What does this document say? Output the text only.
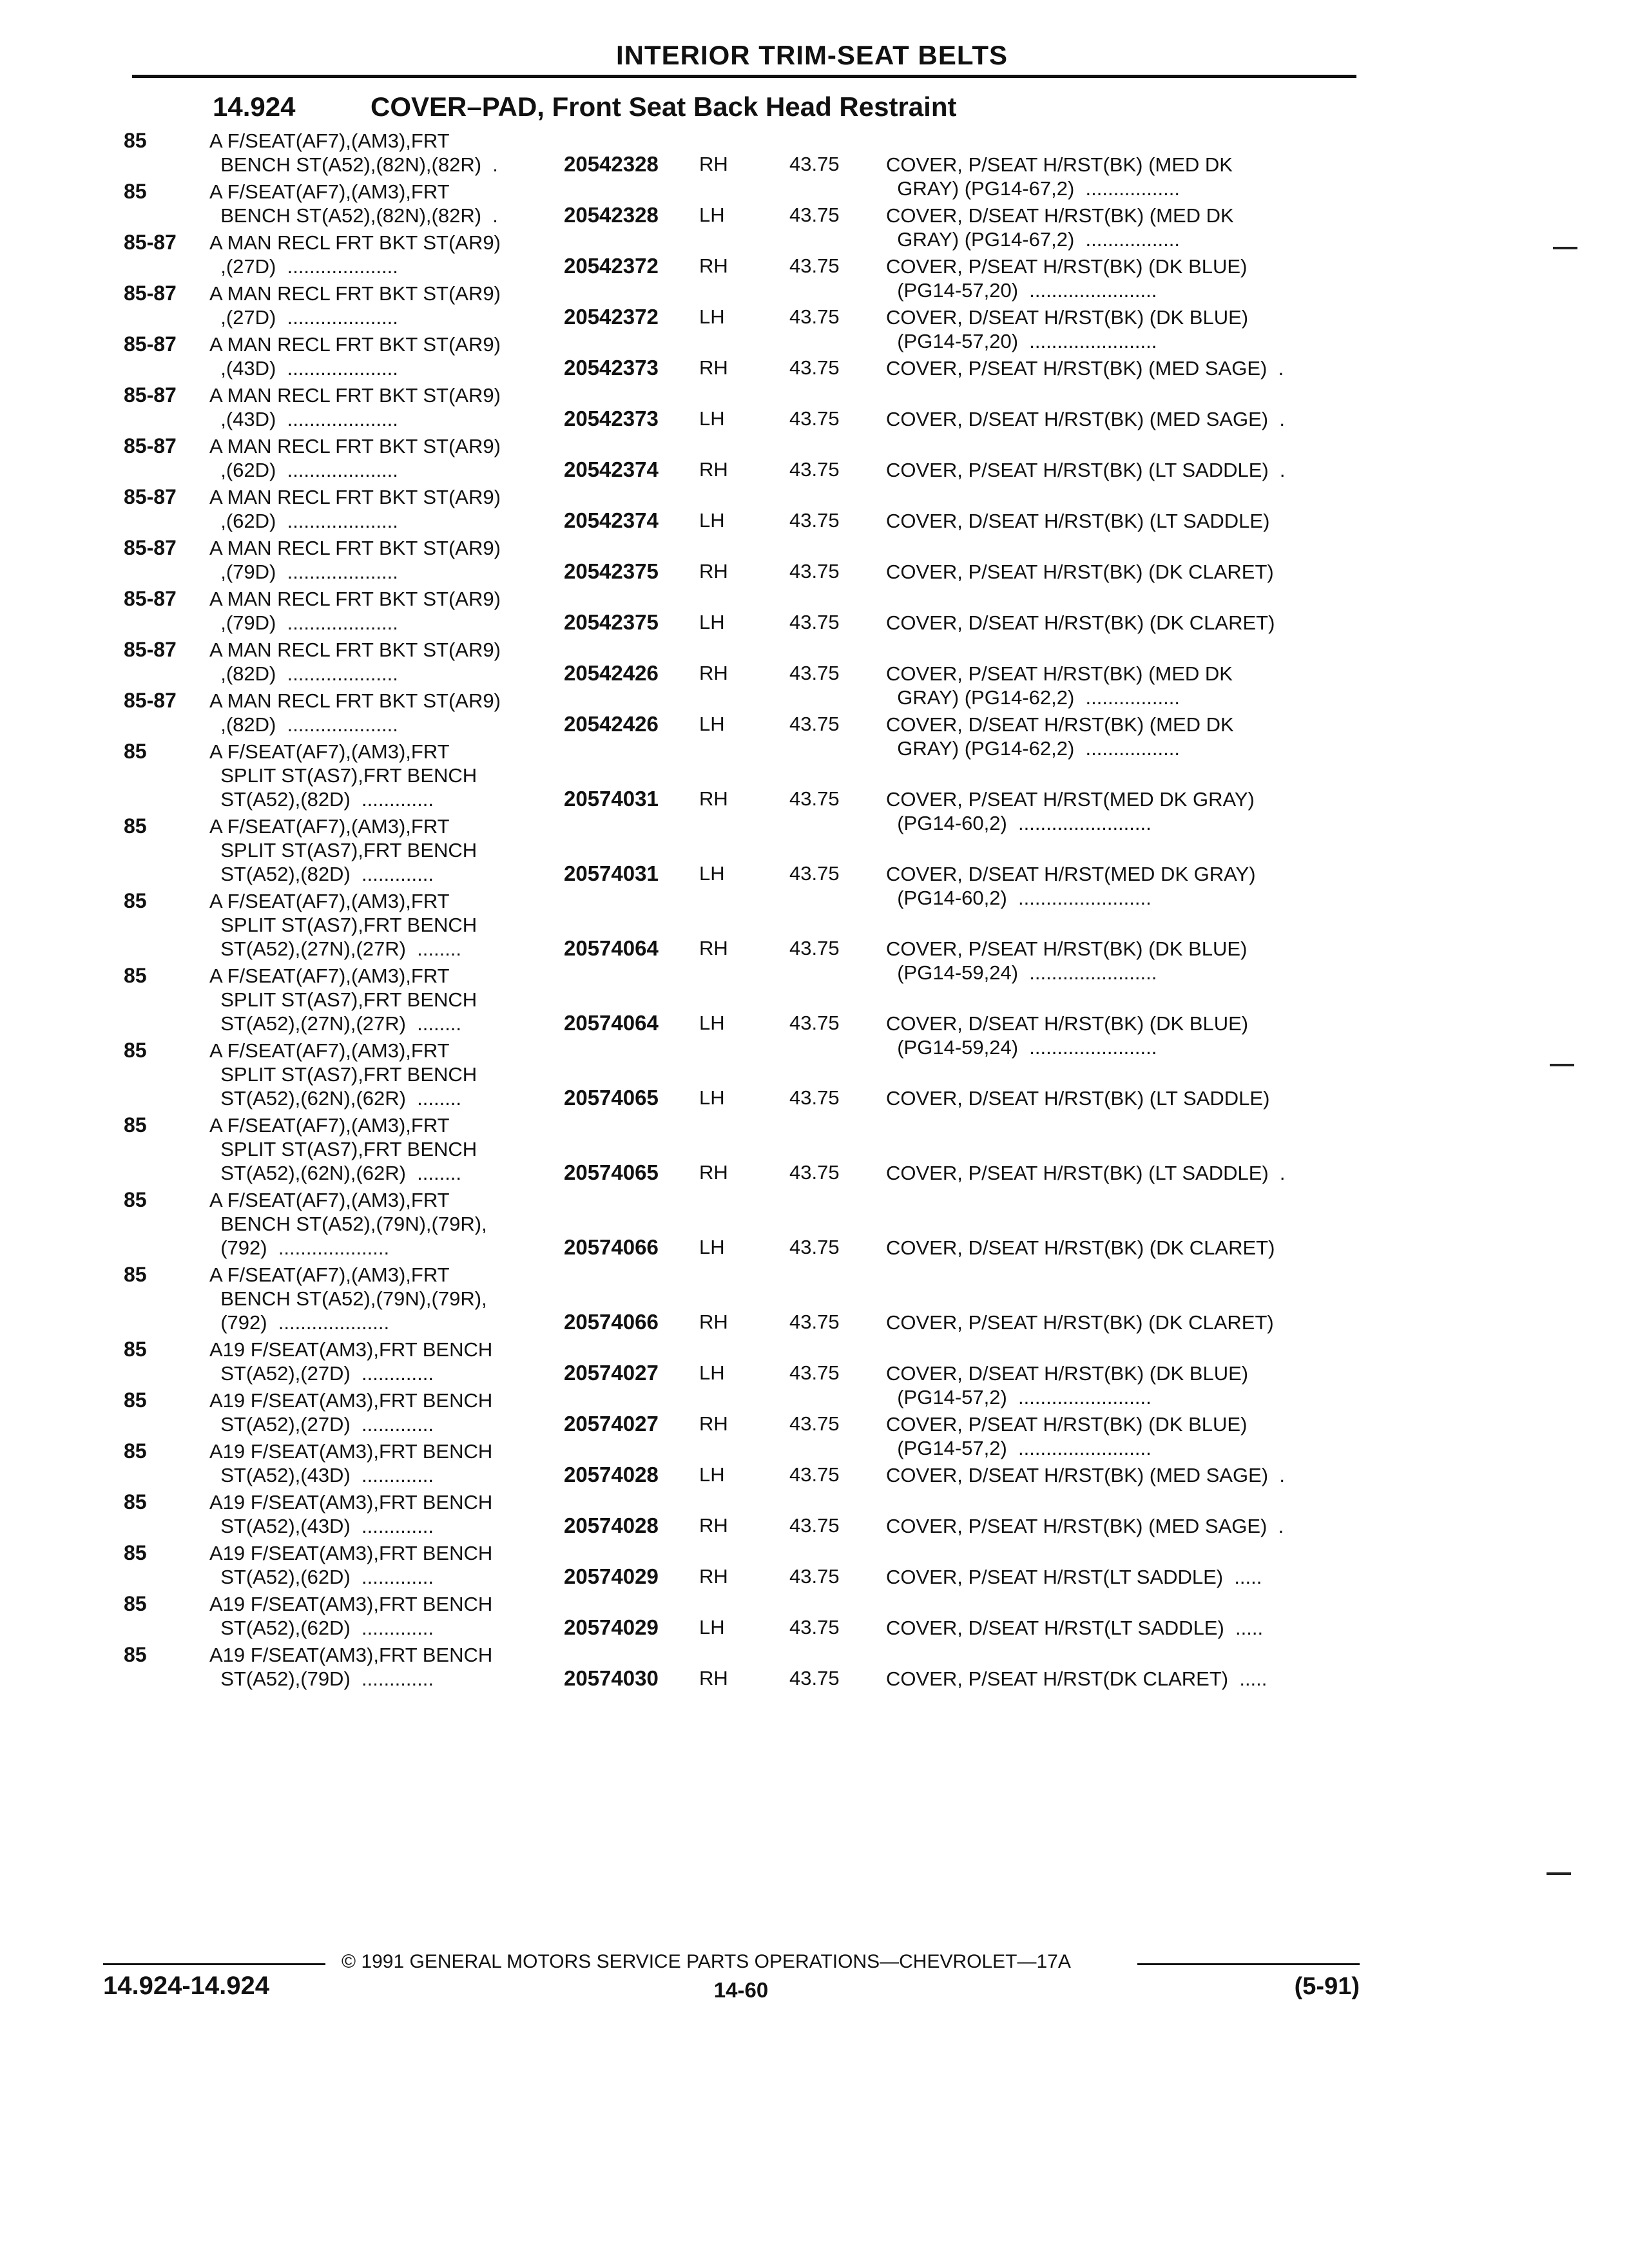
INTERIOR TRIM-SEAT BELTS
14.924	COVER–PAD, Front Seat Back Head Restraint
85	A F/SEAT(AF7),(AM3),FRT
BENCH ST(A52),(82N),(82R)  .	20542328 RH	43.75 COVER, P/SEAT H/RST(BK) (MED DK
GRAY) (PG14-67,2)  .................
85	A F/SEAT(AF7),(AM3),FRT
BENCH ST(A52),(82N),(82R)  .	20542328 LH	43.75 COVER, D/SEAT H/RST(BK) (MED DK
GRAY) (PG14-67,2)  .................
85-87 A MAN RECL FRT BKT ST(AR9)
,(27D)  ....................	20542372 RH	43.75 COVER, P/SEAT H/RST(BK) (DK BLUE)
(PG14-57,20)  .......................
85-87 A MAN RECL FRT BKT ST(AR9)
,(27D)  ....................	20542372 LH	43.75 COVER, D/SEAT H/RST(BK) (DK BLUE)
(PG14-57,20)  .......................
85-87 A MAN RECL FRT BKT ST(AR9)
,(43D)  ....................	20542373 RH	43.75 COVER, P/SEAT H/RST(BK) (MED SAGE)  .
85-87 A MAN RECL FRT BKT ST(AR9)
,(43D)  ....................	20542373 LH	43.75 COVER, D/SEAT H/RST(BK) (MED SAGE)  .
85-87 A MAN RECL FRT BKT ST(AR9)
,(62D)  ....................	20542374 RH	43.75 COVER, P/SEAT H/RST(BK) (LT SADDLE)  .
85-87 A MAN RECL FRT BKT ST(AR9)
,(62D)  ....................	20542374 LH	43.75 COVER, D/SEAT H/RST(BK) (LT SADDLE)
85-87 A MAN RECL FRT BKT ST(AR9)
,(79D)  ....................	20542375 RH	43.75 COVER, P/SEAT H/RST(BK) (DK CLARET)
85-87 A MAN RECL FRT BKT ST(AR9)
,(79D)  ....................	20542375 LH	43.75 COVER, D/SEAT H/RST(BK) (DK CLARET)
85-87 A MAN RECL FRT BKT ST(AR9)
,(82D)  ....................	20542426 RH	43.75 COVER, P/SEAT H/RST(BK) (MED DK
GRAY) (PG14-62,2)  .................
85-87 A MAN RECL FRT BKT ST(AR9)
,(82D)  ....................	20542426 LH	43.75 COVER, D/SEAT H/RST(BK) (MED DK
GRAY) (PG14-62,2)  .................
85	A F/SEAT(AF7),(AM3),FRT
SPLIT ST(AS7),FRT BENCH
ST(A52),(82D)  .............	20574031 RH	43.75 COVER, P/SEAT H/RST(MED DK GRAY)
(PG14-60,2)  ........................
85	A F/SEAT(AF7),(AM3),FRT
SPLIT ST(AS7),FRT BENCH
ST(A52),(82D)  .............	20574031 LH	43.75 COVER, D/SEAT H/RST(MED DK GRAY)
(PG14-60,2)  ........................
85	A F/SEAT(AF7),(AM3),FRT
SPLIT ST(AS7),FRT BENCH
ST(A52),(27N),(27R)  ........	20574064 RH	43.75 COVER, P/SEAT H/RST(BK) (DK BLUE)
(PG14-59,24)  .......................
85	A F/SEAT(AF7),(AM3),FRT
SPLIT ST(AS7),FRT BENCH
ST(A52),(27N),(27R)  ........	20574064 LH	43.75 COVER, D/SEAT H/RST(BK) (DK BLUE)
(PG14-59,24)  .......................
85	A F/SEAT(AF7),(AM3),FRT
SPLIT ST(AS7),FRT BENCH
ST(A52),(62N),(62R)  ........	20574065 LH	43.75 COVER, D/SEAT H/RST(BK) (LT SADDLE)
85	A F/SEAT(AF7),(AM3),FRT
SPLIT ST(AS7),FRT BENCH
ST(A52),(62N),(62R)  ........	20574065 RH	43.75 COVER, P/SEAT H/RST(BK) (LT SADDLE)  .
85	A F/SEAT(AF7),(AM3),FRT
BENCH ST(A52),(79N),(79R),
(792)  ....................	20574066 LH	43.75 COVER, D/SEAT H/RST(BK) (DK CLARET)
85	A F/SEAT(AF7),(AM3),FRT
BENCH ST(A52),(79N),(79R),
(792)  ....................	20574066 RH	43.75 COVER, P/SEAT H/RST(BK) (DK CLARET)
85	A19 F/SEAT(AM3),FRT BENCH
ST(A52),(27D)  .............	20574027 LH	43.75 COVER, D/SEAT H/RST(BK) (DK BLUE)
(PG14-57,2)  ........................
85	A19 F/SEAT(AM3),FRT BENCH
ST(A52),(27D)  .............	20574027 RH	43.75 COVER, P/SEAT H/RST(BK) (DK BLUE)
(PG14-57,2)  ........................
85	A19 F/SEAT(AM3),FRT BENCH
ST(A52),(43D)  .............	20574028 LH	43.75 COVER, D/SEAT H/RST(BK) (MED SAGE)  .
85	A19 F/SEAT(AM3),FRT BENCH
ST(A52),(43D)  .............	20574028 RH	43.75 COVER, P/SEAT H/RST(BK) (MED SAGE)  .
85	A19 F/SEAT(AM3),FRT BENCH
ST(A52),(62D)  .............	20574029 RH	43.75 COVER, P/SEAT H/RST(LT SADDLE)  .....
85	A19 F/SEAT(AM3),FRT BENCH
ST(A52),(62D)  .............	20574029 LH	43.75 COVER, D/SEAT H/RST(LT SADDLE)  .....
85	A19 F/SEAT(AM3),FRT BENCH
ST(A52),(79D)  .............	20574030 RH	43.75 COVER, P/SEAT H/RST(DK CLARET)  .....
© 1991 GENERAL MOTORS SERVICE PARTS OPERATIONS—CHEVROLET—17A
14.924-14.924	14-60	(5-91)
